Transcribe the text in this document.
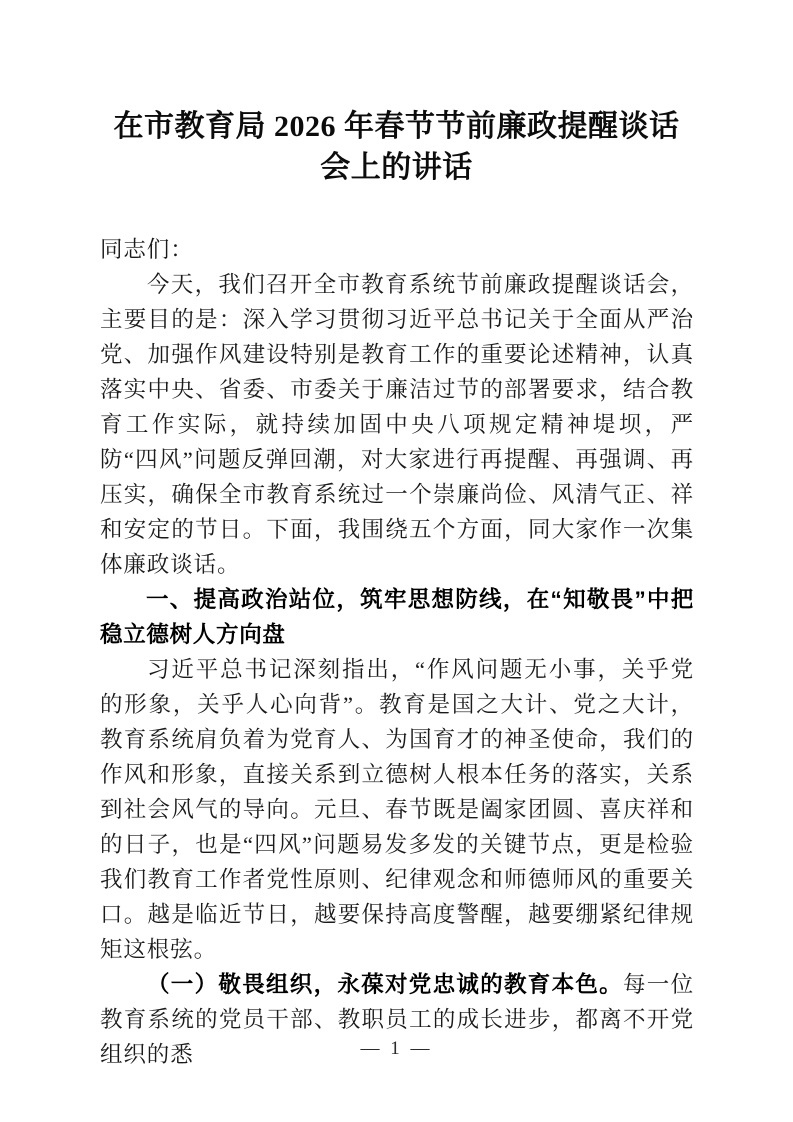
在市教育局 2026 年春节节前廉政提醒谈话会上的讲话

同志们：

今天，我们召开全市教育系统节前廉政提醒谈话会，主要目的是：深入学习贯彻习近平总书记关于全面从严治党、加强作风建设特别是教育工作的重要论述精神，认真落实中央、省委、市委关于廉洁过节的部署要求，结合教育工作实际，就持续加固中央八项规定精神堤坝，严防“四风”问题反弹回潮，对大家进行再提醒、再强调、再压实，确保全市教育系统过一个崇廉尚俭、风清气正、祥和安定的节日。下面，我围绕五个方面，同大家作一次集体廉政谈话。

一、提高政治站位，筑牢思想防线，在“知敬畏”中把稳立德树人方向盘

习近平总书记深刻指出，“作风问题无小事，关乎党的形象，关乎人心向背”。教育是国之大计、党之大计，教育系统肩负着为党育人、为国育才的神圣使命，我们的作风和形象，直接关系到立德树人根本任务的落实，关系到社会风气的导向。元旦、春节既是阖家团圆、喜庆祥和的日子，也是“四风”问题易发多发的关键节点，更是检验我们教育工作者党性原则、纪律观念和师德师风的重要关口。越是临近节日，越要保持高度警醒，越要绷紧纪律规矩这根弦。

（一）敬畏组织，永葆对党忠诚的教育本色。每一位教育系统的党员干部、教职员工的成长进步，都离不开党组织的悉	— 1 —
